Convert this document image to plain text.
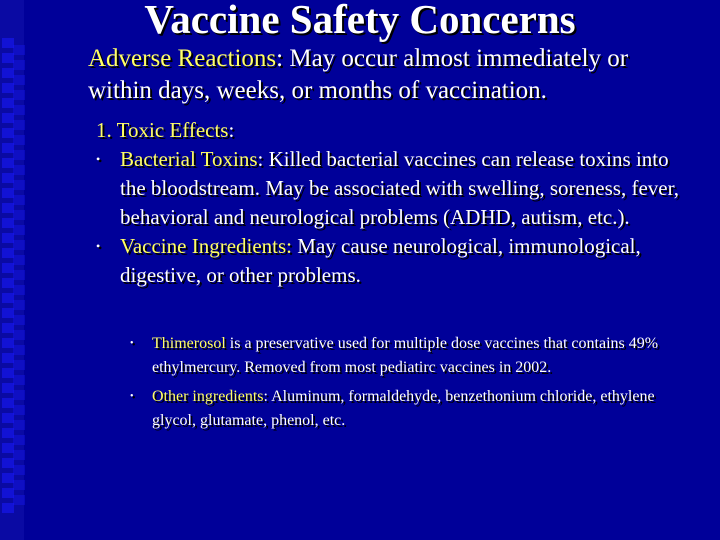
Vaccine Safety Concerns
Adverse Reactions: May occur almost immediately or within days, weeks, or months of vaccination.
1. Toxic Effects:
• Bacterial Toxins: Killed bacterial vaccines can release toxins into the bloodstream. May be associated with swelling, soreness, fever, behavioral and neurological problems (ADHD, autism, etc.).
• Vaccine Ingredients: May cause neurological, immunological, digestive, or other problems.
•	Thimerosol is a preservative used for multiple dose vaccines that contains 49% ethylmercury. Removed from most pediatirc vaccines in 2002.
•	Other ingredients: Aluminum, formaldehyde, benzethonium chloride, ethylene glycol, glutamate, phenol, etc.
